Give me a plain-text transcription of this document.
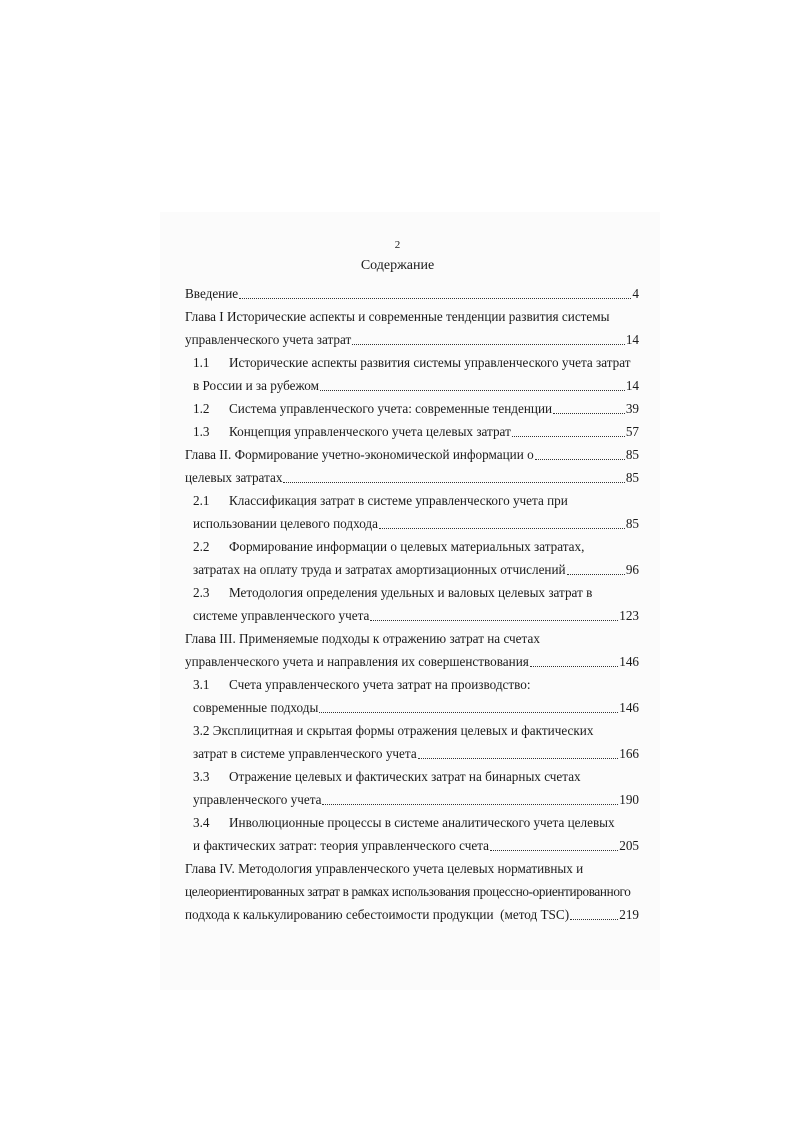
2
Содержание
Введение	4
Глава I Исторические аспекты и современные тенденции развития системы
управленческого учета затрат	14
1.1	Исторические аспекты развития системы управленческого учета затрат
в России и за рубежом	14
1.2	Система управленческого учета: современные тенденции	39
1.3	Концепция управленческого учета целевых затрат	57
Глава II. Формирование учетно-экономической информации о	85
целевых затратах	85
2.1	Классификация затрат в системе управленческого учета при
использовании целевого подхода	85
2.2	Формирование информации о целевых материальных затратах,
затратах на оплату труда и затратах амортизационных отчислений	96
2.3	Методология определения удельных и валовых целевых затрат в
системе управленческого учета	123
Глава III. Применяемые подходы к отражению затрат на счетах
управленческого учета и направления их совершенствования	146
3.1	Счета управленческого учета затрат на производство:
современные подходы	146
3.2 Эксплицитная и скрытая формы отражения целевых и фактических
затрат в системе управленческого учета	166
3.3	Отражение целевых и фактических затрат на бинарных счетах
управленческого учета	190
3.4	Инволюционные процессы в системе аналитического учета целевых
и фактических затрат: теория управленческого счета	205
Глава IV. Методология управленческого учета целевых нормативных и
целеориентированных затрат в рамках использования процессно-ориентированного
подхода к калькулированию себестоимости продукции  (метод TSC)	219
